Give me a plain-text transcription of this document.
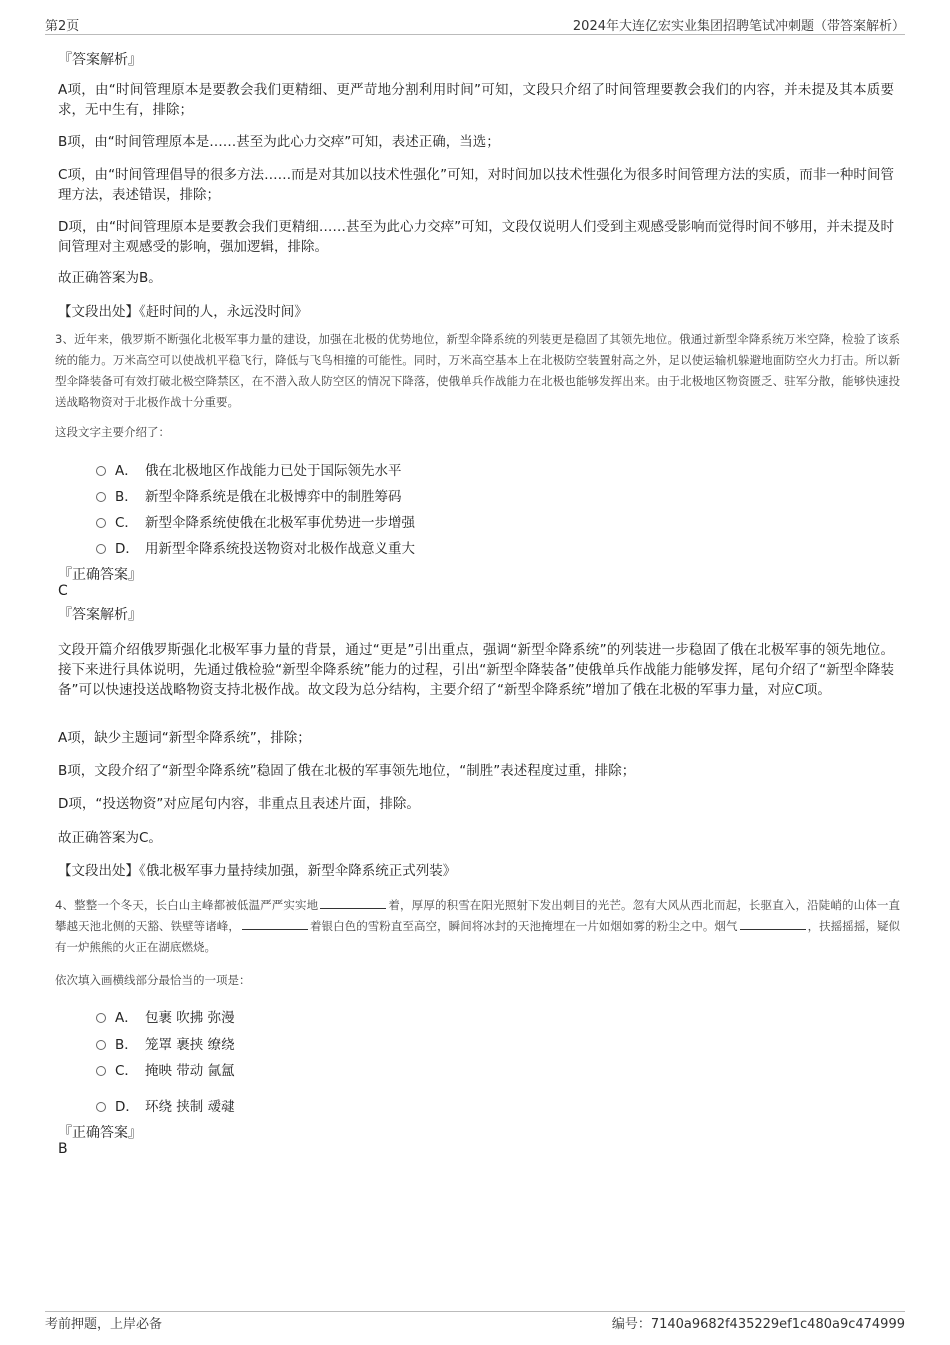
第2页	2024年大连亿宏实业集团招聘笔试冲刺题（带答案解析）
『答案解析』
A项，由“时间管理原本是要教会我们更精细、更严苛地分割利用时间”可知，文段只介绍了时间管理要教会我们的内容，并未提及其本质要求，无中生有，排除；
B项，由“时间管理原本是……甚至为此心力交瘁”可知，表述正确，当选；
C项，由“时间管理倡导的很多方法……而是对其加以技术性强化”可知，对时间加以技术性强化为很多时间管理方法的实质，而非一种时间管理方法，表述错误，排除；
D项，由“时间管理原本是要教会我们更精细……甚至为此心力交瘁”可知，文段仅说明人们受到主观感受影响而觉得时间不够用，并未提及时间管理对主观感受的影响，强加逻辑，排除。
故正确答案为B。
【文段出处】《赶时间的人，永远没时间》
3、近年来，俄罗斯不断强化北极军事力量的建设，加强在北极的优势地位，新型伞降系统的列装更是稳固了其领先地位。俄通过新型伞降系统万米空降，检验了该系统的能力。万米高空可以使战机平稳飞行，降低与飞鸟相撞的可能性。同时，万米高空基本上在北极防空装置射高之外，足以使运输机躲避地面防空火力打击。所以新型伞降装备可有效打破北极空降禁区，在不潜入敌人防空区的情况下降落，使俄单兵作战能力在北极也能够发挥出来。由于北极地区物资匮乏、驻军分散，能够快速投送战略物资对于北极作战十分重要。
这段文字主要介绍了：
A． 俄在北极地区作战能力已处于国际领先水平
B． 新型伞降系统是俄在北极博弈中的制胜筹码
C． 新型伞降系统使俄在北极军事优势进一步增强
D． 用新型伞降系统投送物资对北极作战意义重大
『正确答案』
C
『答案解析』
文段开篇介绍俄罗斯强化北极军事力量的背景，通过“更是”引出重点，强调“新型伞降系统”的列装进一步稳固了俄在北极军事的领先地位。接下来进行具体说明，先通过俄检验“新型伞降系统”能力的过程，引出“新型伞降装备”使俄单兵作战能力能够发挥，尾句介绍了“新型伞降装备”可以快速投送战略物资支持北极作战。故文段为总分结构，主要介绍了“新型伞降系统”增加了俄在北极的军事力量，对应C项。
A项，缺少主题词“新型伞降系统”，排除；
B项，文段介绍了“新型伞降系统”稳固了俄在北极的军事领先地位，“制胜”表述程度过重，排除；
D项，“投送物资”对应尾句内容，非重点且表述片面，排除。
故正确答案为C。
【文段出处】《俄北极军事力量持续加强，新型伞降系统正式列装》
4、整整一个冬天，长白山主峰都被低温严严实实地	着，厚厚的积雪在阳光照射下发出刺目的光芒。忽有大风从西北而起，长驱直入，沿陡峭的山体一直攀越天池北侧的天豁、铁壁等诸峰，	着银白色的雪粉直至高空，瞬间将冰封的天池掩埋在一片如烟如雾的粉尘之中。烟气	，扶摇摇摇，疑似有一炉熊熊的火正在湖底燃烧。
依次填入画横线部分最恰当的一项是：
A． 包裹 吹拂 弥漫
B． 笼罩 裹挟 缭绕
C． 掩映 带动 氤氲
D． 环绕 挟制 叆叇
『正确答案』
B
考前押题，上岸必备	编号：7140a9682f435229ef1c480a9c474999
